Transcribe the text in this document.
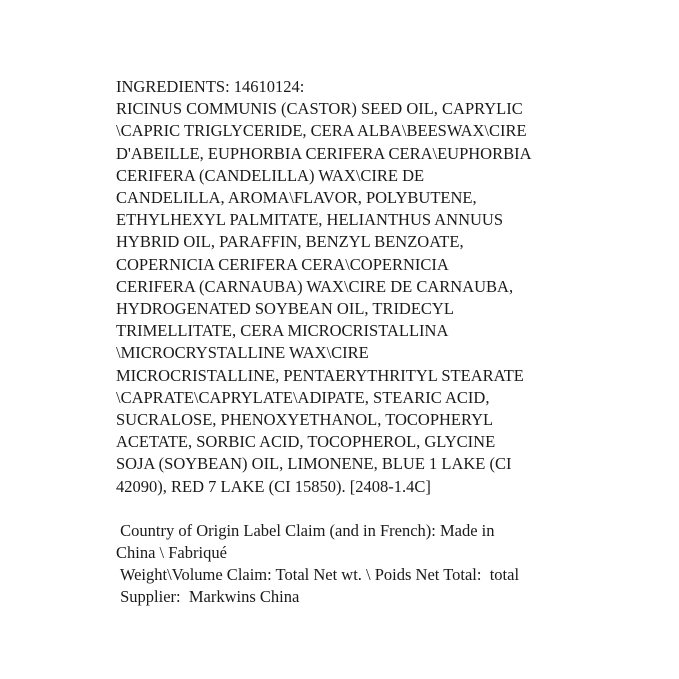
INGREDIENTS: 14610124:
RICINUS COMMUNIS (CASTOR) SEED OIL, CAPRYLIC
\CAPRIC TRIGLYCERIDE, CERA ALBA\BEESWAX\CIRE
D'ABEILLE, EUPHORBIA CERIFERA CERA\EUPHORBIA
CERIFERA (CANDELILLA) WAX\CIRE DE
CANDELILLA, AROMA\FLAVOR, POLYBUTENE,
ETHYLHEXYL PALMITATE, HELIANTHUS ANNUUS
HYBRID OIL, PARAFFIN, BENZYL BENZOATE,
COPERNICIA CERIFERA CERA\COPERNICIA
CERIFERA (CARNAUBA) WAX\CIRE DE CARNAUBA,
HYDROGENATED SOYBEAN OIL, TRIDECYL
TRIMELLITATE, CERA MICROCRISTALLINA
\MICROCRYSTALLINE WAX\CIRE
MICROCRISTALLINE, PENTAERYTHRITYL STEARATE
\CAPRATE\CAPRYLATE\ADIPATE, STEARIC ACID,
SUCRALOSE, PHENOXYETHANOL, TOCOPHERYL
ACETATE, SORBIC ACID, TOCOPHEROL, GLYCINE
SOJA (SOYBEAN) OIL, LIMONENE, BLUE 1 LAKE (CI
42090), RED 7 LAKE (CI 15850). [2408-1.4C]
Country of Origin Label Claim (and in French): Made in
China \ Fabriqué
Weight\Volume Claim: Total Net wt. \ Poids Net Total:  total
Supplier:  Markwins China
